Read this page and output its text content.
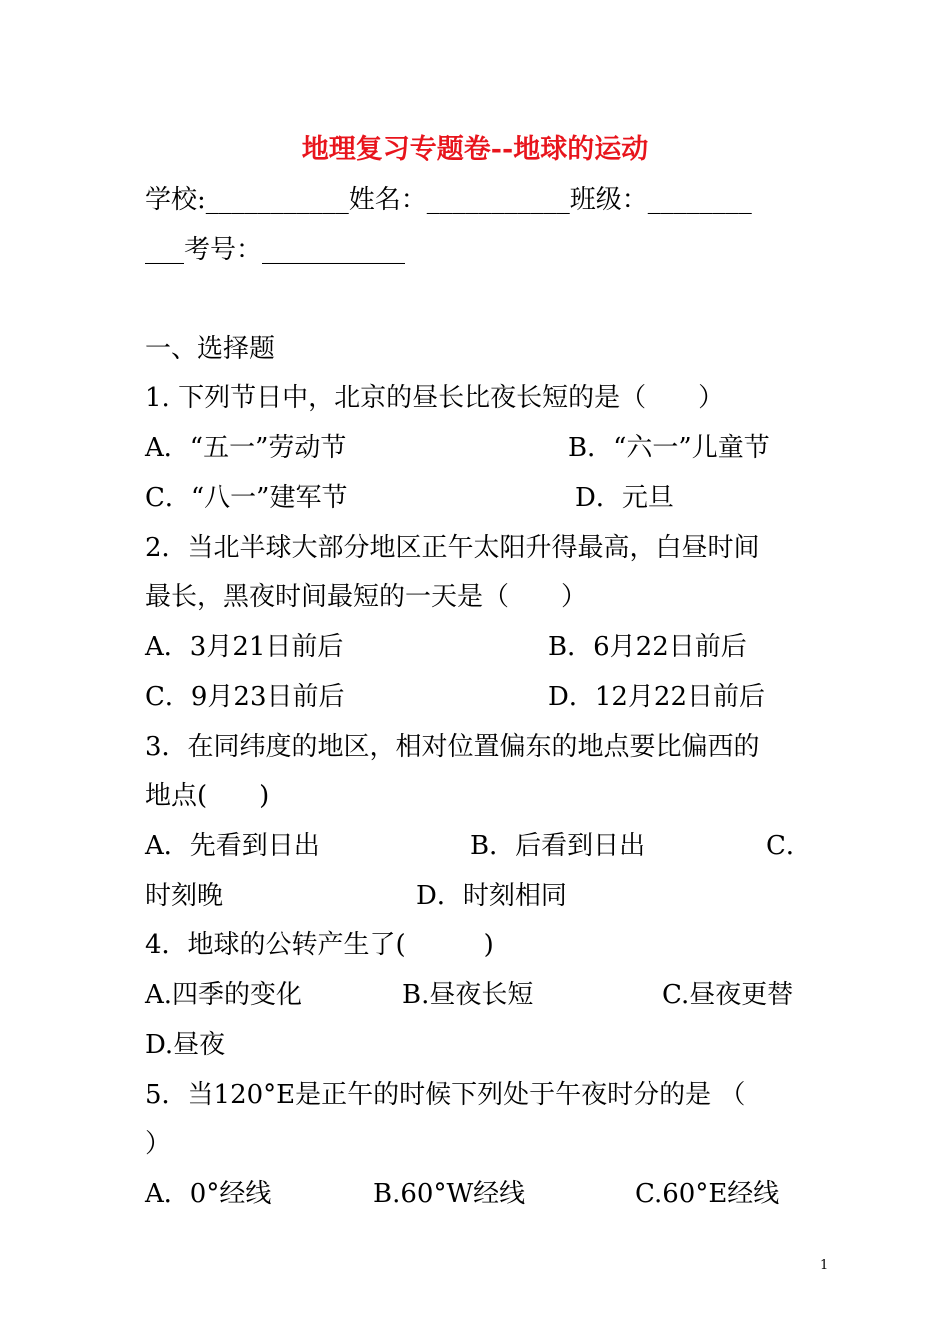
地理复习专题卷--地球的运动
学校:___________姓名：___________班级：________
___考号：___________
一、选择题
1. 下列节日中，北京的昼长比夜长短的是（　　）
A．“五一”劳动节	B．“六一”儿童节
C．“八一”建军节	D．元旦
2．当北半球大部分地区正午太阳升得最高，白昼时间
最长，黑夜时间最短的一天是（　　）
A．3月21日前后	B．6月22日前后
C．9月23日前后	D．12月22日前后
3．在同纬度的地区，相对位置偏东的地点要比偏西的
地点(　　)
A．先看到日出	B．后看到日出	C．
时刻晚	D．时刻相同
4．地球的公转产生了(　　　)
A.四季的变化	B.昼夜长短	C.昼夜更替
D.昼夜
5．当120°E是正午的时候下列处于午夜时分的是 （
）
A．0°经线	B.60°W经线	C.60°E经线
1
